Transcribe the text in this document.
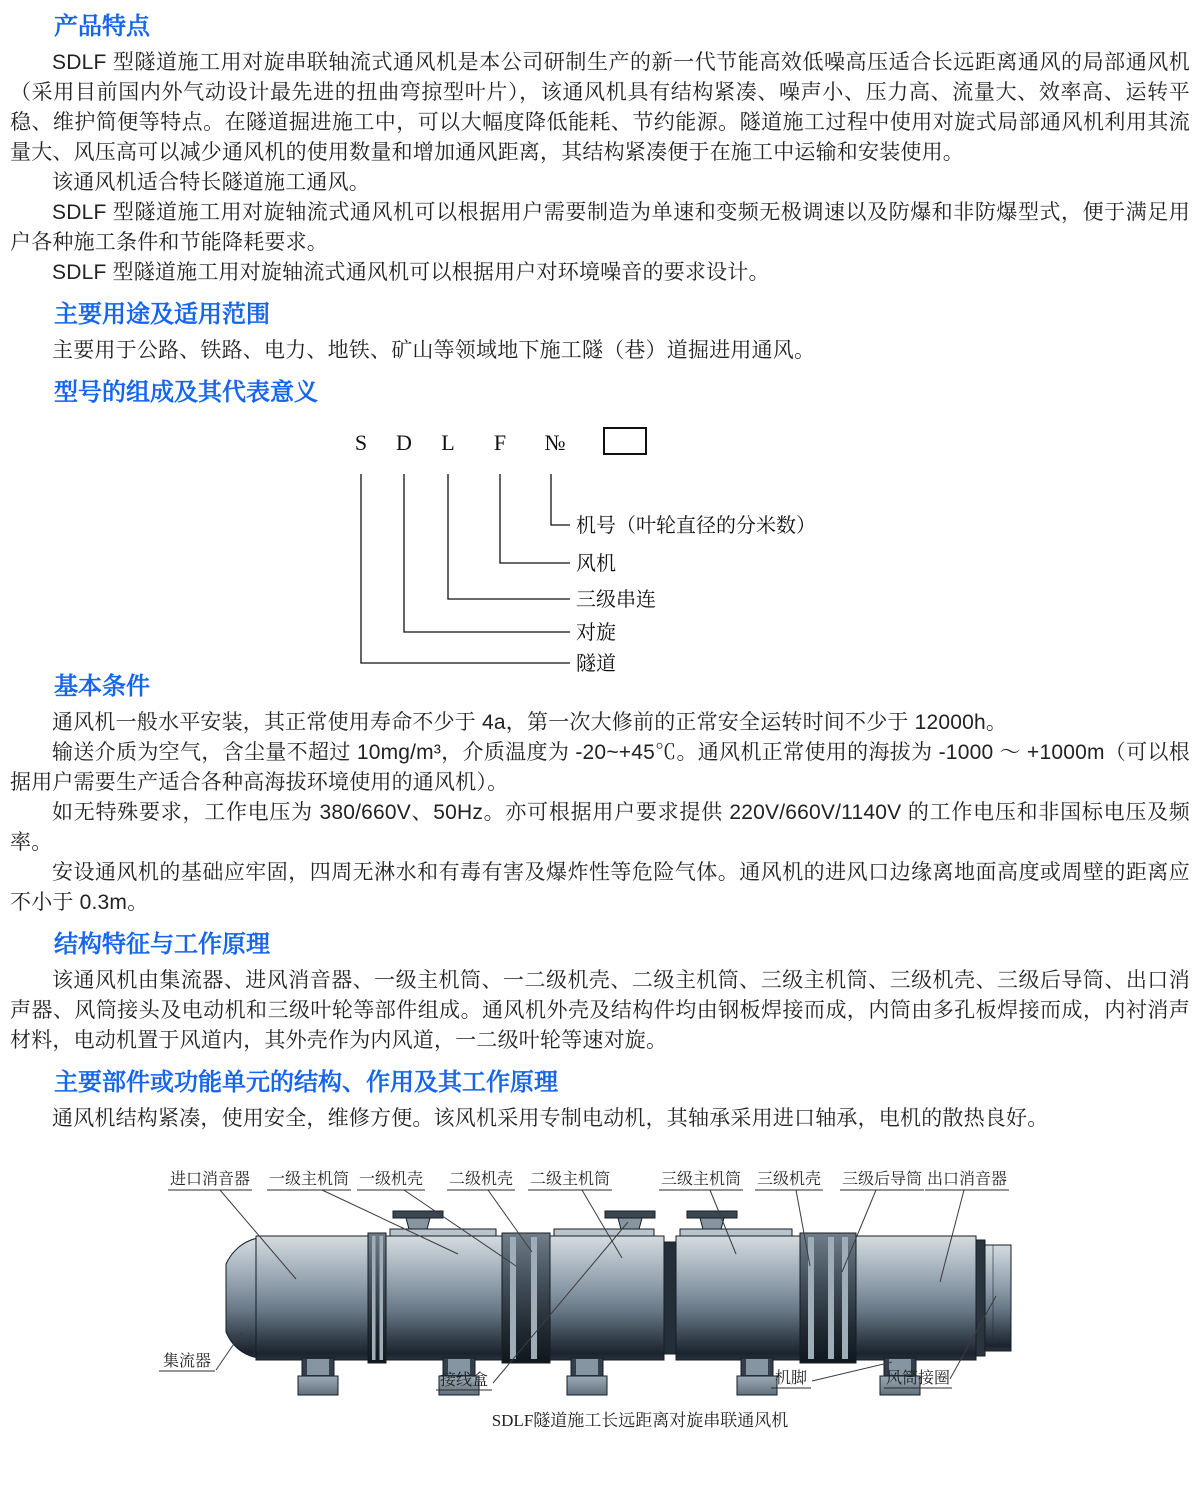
产品特点

SDLF 型隧道施工用对旋串联轴流式通风机是本公司研制生产的新一代节能高效低噪高压适合长远距离通风的局部通风机（采用目前国内外气动设计最先进的扭曲弯掠型叶片），该通风机具有结构紧凑、噪声小、压力高、流量大、效率高、运转平稳、维护简便等特点。在隧道掘进施工中，可以大幅度降低能耗、节约能源。隧道施工过程中使用对旋式局部通风机利用其流量大、风压高可以减少通风机的使用数量和增加通风距离，其结构紧凑便于在施工中运输和安装使用。

该通风机适合特长隧道施工通风。

SDLF 型隧道施工用对旋轴流式通风机可以根据用户需要制造为单速和变频无极调速以及防爆和非防爆型式，便于满足用户各种施工条件和节能降耗要求。

SDLF 型隧道施工用对旋轴流式通风机可以根据用户对环境噪音的要求设计。

主要用途及适用范围

主要用于公路、铁路、电力、地铁、矿山等领域地下施工隧（巷）道掘进用通风。

型号的组成及其代表意义
S D L F №
机号（叶轮直径的分米数）
风机
三级串连
对旋
隧道
基本条件

通风机一般水平安装，其正常使用寿命不少于 4a，第一次大修前的正常安全运转时间不少于 12000h。

输送介质为空气，含尘量不超过 10mg/m³，介质温度为 -20~+45℃。通风机正常使用的海拔为 -1000 ～ +1000m（可以根据用户需要生产适合各种高海拔环境使用的通风机）。

如无特殊要求，工作电压为 380/660V、50Hz。亦可根据用户要求提供 220V/660V/1140V 的工作电压和非国标电压及频率。

安设通风机的基础应牢固，四周无淋水和有毒有害及爆炸性等危险气体。通风机的进风口边缘离地面高度或周壁的距离应不小于 0.3m。

结构特征与工作原理

该通风机由集流器、进风消音器、一级主机筒、一二级机壳、二级主机筒、三级主机筒、三级机壳、三级后导筒、出口消声器、风筒接头及电动机和三级叶轮等部件组成。通风机外壳及结构件均由钢板焊接而成，内筒由多孔板焊接而成，内衬消声材料，电动机置于风道内，其外壳作为内风道，一二级叶轮等速对旋。

主要部件或功能单元的结构、作用及其工作原理

通风机结构紧凑，使用安全，维修方便。该风机采用专制电动机，其轴承采用进口轴承，电机的散热良好。

进口消音器 一级主机筒 一级机壳 二级机壳 二级主机筒	三级主机筒 三级机壳 三级后导筒 出口消音器
集流器
接线盒	机脚	风筒接圈
SDLF隧道施工长远距离对旋串联通风机
